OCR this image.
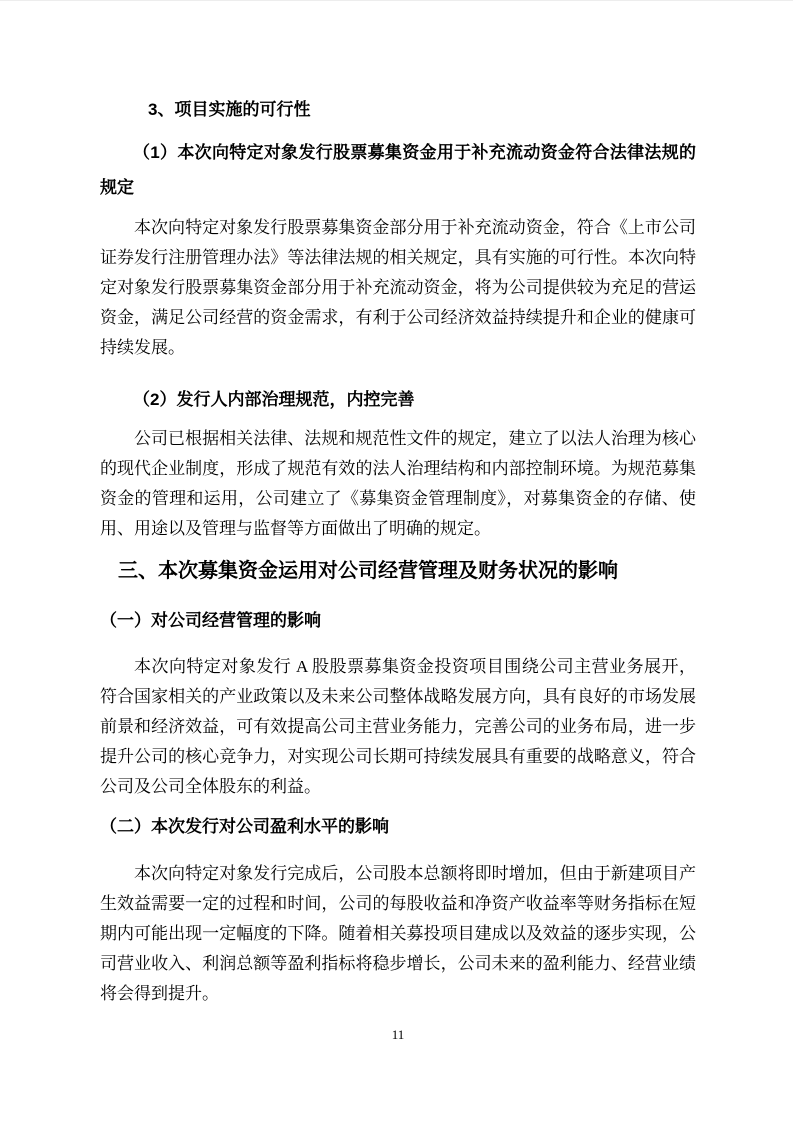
3、项目实施的可行性
（1）本次向特定对象发行股票募集资金用于补充流动资金符合法律法规的规定
本次向特定对象发行股票募集资金部分用于补充流动资金，符合《上市公司证券发行注册管理办法》等法律法规的相关规定，具有实施的可行性。本次向特定对象发行股票募集资金部分用于补充流动资金，将为公司提供较为充足的营运资金，满足公司经营的资金需求，有利于公司经济效益持续提升和企业的健康可持续发展。
（2）发行人内部治理规范，内控完善
公司已根据相关法律、法规和规范性文件的规定，建立了以法人治理为核心的现代企业制度，形成了规范有效的法人治理结构和内部控制环境。为规范募集资金的管理和运用，公司建立了《募集资金管理制度》，对募集资金的存储、使用、用途以及管理与监督等方面做出了明确的规定。
三、本次募集资金运用对公司经营管理及财务状况的影响
（一）对公司经营管理的影响
本次向特定对象发行 A 股股票募集资金投资项目围绕公司主营业务展开，符合国家相关的产业政策以及未来公司整体战略发展方向，具有良好的市场发展前景和经济效益，可有效提高公司主营业务能力，完善公司的业务布局，进一步提升公司的核心竞争力，对实现公司长期可持续发展具有重要的战略意义，符合公司及公司全体股东的利益。
（二）本次发行对公司盈利水平的影响
本次向特定对象发行完成后，公司股本总额将即时增加，但由于新建项目产生效益需要一定的过程和时间，公司的每股收益和净资产收益率等财务指标在短期内可能出现一定幅度的下降。随着相关募投项目建成以及效益的逐步实现，公司营业收入、利润总额等盈利指标将稳步增长，公司未来的盈利能力、经营业绩将会得到提升。
11
